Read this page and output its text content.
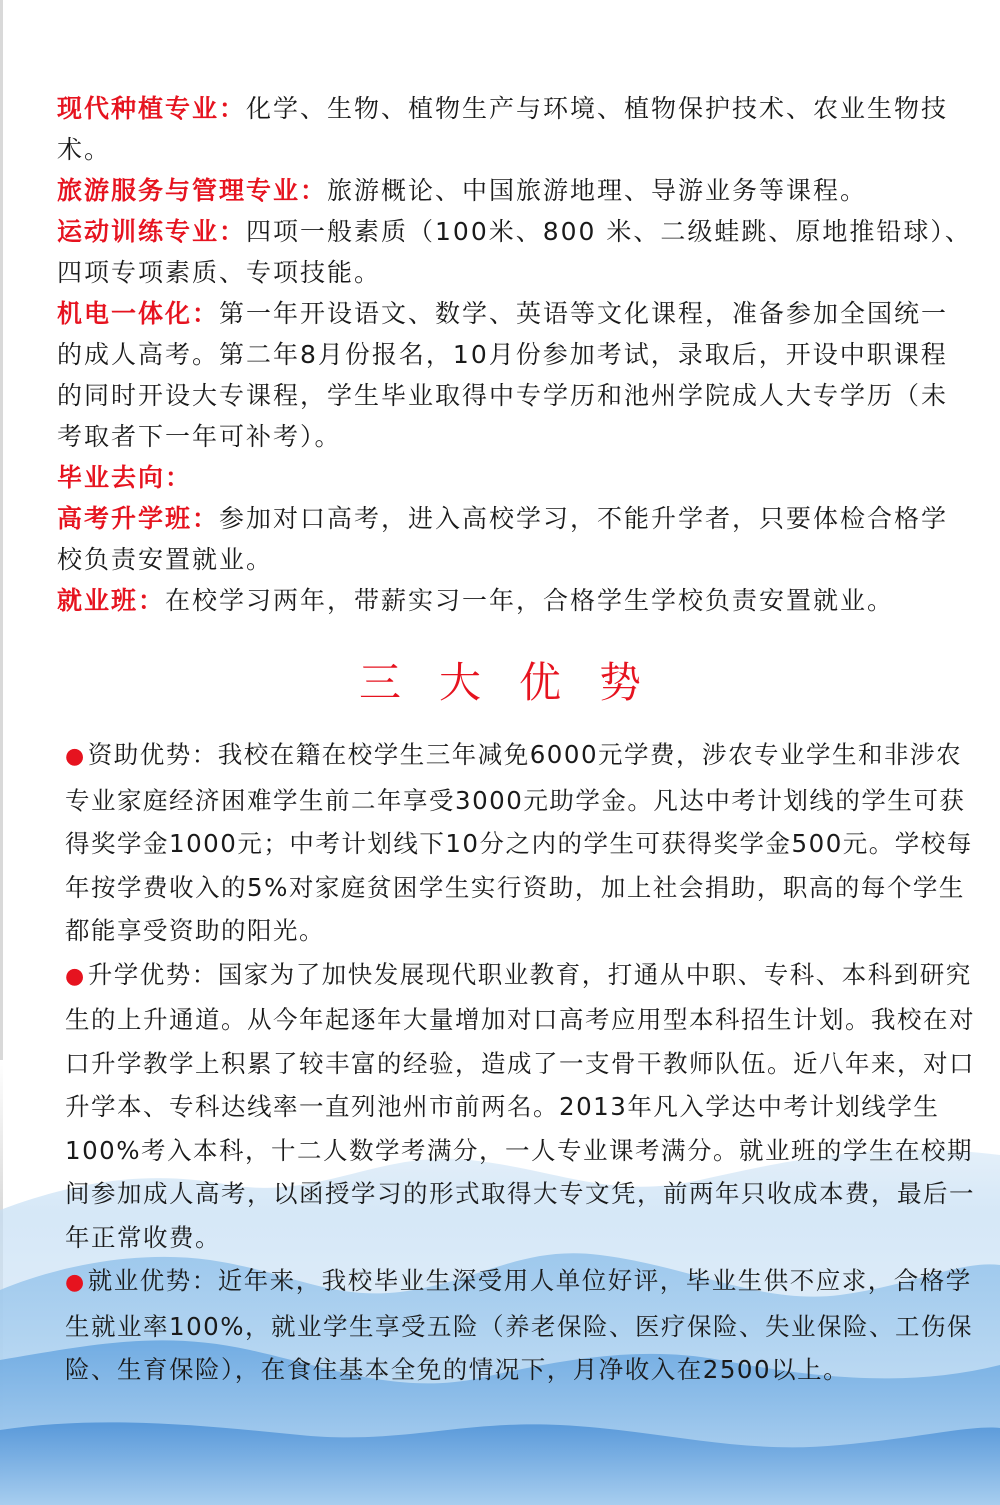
现代种植专业：化学、生物、植物生产与环境、植物保护技术、农业生物技术。

旅游服务与管理专业：旅游概论、中国旅游地理、导游业务等课程。

运动训练专业：四项一般素质（100米、800 米、二级蛙跳、原地推铅球）、四项专项素质、专项技能。

机电一体化：第一年开设语文、数学、英语等文化课程，准备参加全国统一的成人高考。第二年8月份报名，10月份参加考试，录取后，开设中职课程的同时开设大专课程，学生毕业取得中专学历和池州学院成人大专学历（未考取者下一年可补考）。

毕业去向：

高考升学班：参加对口高考，进入高校学习，不能升学者，只要体检合格学校负责安置就业。

就业班：在校学习两年，带薪实习一年，合格学生学校负责安置就业。

三大优势

●资助优势：我校在籍在校学生三年减免6000元学费，涉农专业学生和非涉农专业家庭经济困难学生前二年享受3000元助学金。凡达中考计划线的学生可获得奖学金1000元；中考计划线下10分之内的学生可获得奖学金500元。学校每年按学费收入的5%对家庭贫困学生实行资助，加上社会捐助，职高的每个学生都能享受资助的阳光。

●升学优势：国家为了加快发展现代职业教育，打通从中职、专科、本科到研究生的上升通道。从今年起逐年大量增加对口高考应用型本科招生计划。我校在对口升学教学上积累了较丰富的经验，造成了一支骨干教师队伍。近八年来，对口升学本、专科达线率一直列池州市前两名。2013年凡入学达中考计划线学生100%考入本科，十二人数学考满分，一人专业课考满分。就业班的学生在校期间参加成人高考，以函授学习的形式取得大专文凭，前两年只收成本费，最后一年正常收费。

●就业优势：近年来，我校毕业生深受用人单位好评，毕业生供不应求，合格学生就业率100%，就业学生享受五险（养老保险、医疗保险、失业保险、工伤保险、生育保险），在食住基本全免的情况下，月净收入在2500以上。
